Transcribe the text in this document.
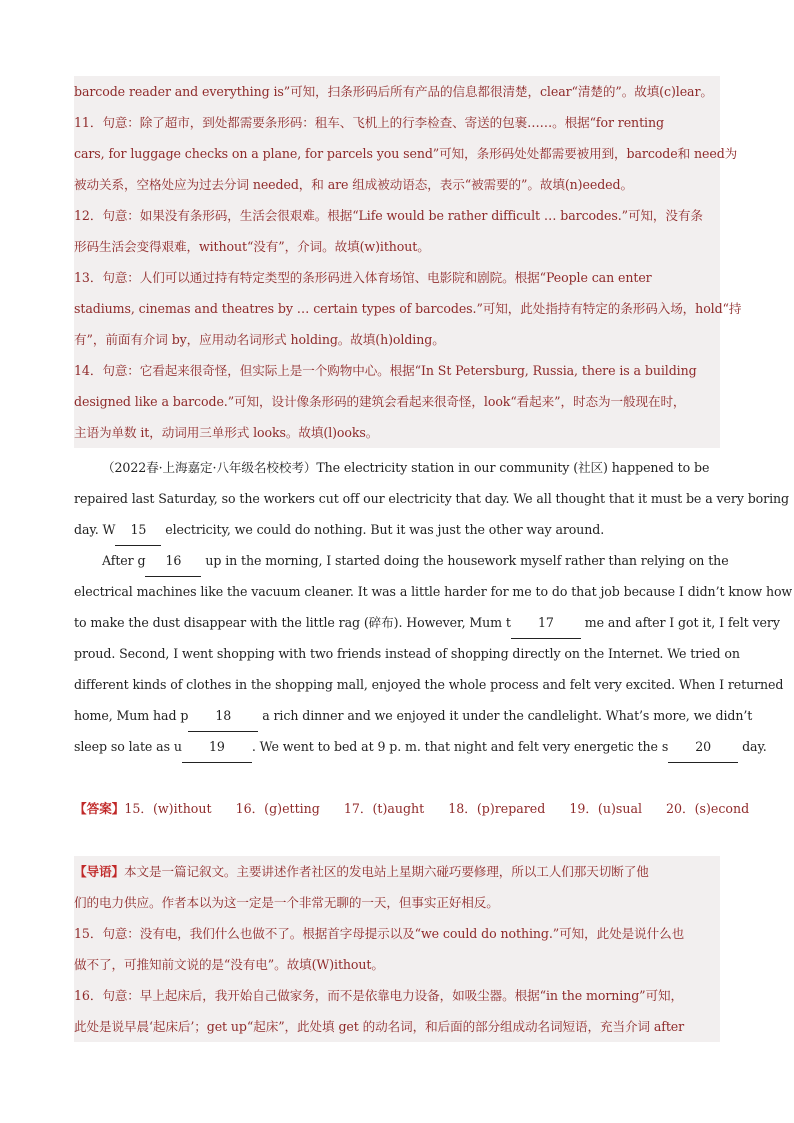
barcode reader and everything is”可知，扫条形码后所有产品的信息都很清楚，clear“清楚的”。故填(c)lear。
11．句意：除了超市，到处都需要条形码：租车、飞机上的行李检查、寄送的包裹……。根据“for renting
cars, for luggage checks on a plane, for parcels you send”可知，条形码处处都需要被用到，barcode和 need为
被动关系，空格处应为过去分词 needed，和 are 组成被动语态，表示“被需要的”。故填(n)eeded。
12．句意：如果没有条形码，生活会很艰难。根据“Life would be rather difficult … barcodes.”可知，没有条
形码生活会变得艰难，without“没有”，介词。故填(w)ithout。
13．句意：人们可以通过持有特定类型的条形码进入体育场馆、电影院和剧院。根据“People can enter
stadiums, cinemas and theatres by … certain types of barcodes.”可知，此处指持有特定的条形码入场，hold“持
有”，前面有介词 by，应用动名词形式 holding。故填(h)olding。
14．句意：它看起来很奇怪，但实际上是一个购物中心。根据“In St Petersburg, Russia, there is a building
designed like a barcode.”可知，设计像条形码的建筑会看起来很奇怪，look“看起来”，时态为一般现在时，
主语为单数 it，动词用三单形式 looks。故填(l)ooks。
（2022春·上海嘉定·八年级名校校考）The electricity station in our community (社区) happened to be
repaired last Saturday, so the workers cut off our electricity that day. We all thought that it must be a very boring
day. W 15 electricity, we could do nothing. But it was just the other way around.
After g 16 up in the morning, I started doing the housework myself rather than relying on the
electrical machines like the vacuum cleaner. It was a little harder for me to do that job because I didn’t know how
to make the dust disappear with the little rag (碎布). However, Mum t 17 me and after I got it, I felt very
proud. Second, I went shopping with two friends instead of shopping directly on the Internet. We tried on
different kinds of clothes in the shopping mall, enjoyed the whole process and felt very excited. When I returned
home, Mum had p 18 a rich dinner and we enjoyed it under the candlelight. What’s more, we didn’t
sleep so late as u 19 . We went to bed at 9 p. m. that night and felt very energetic the s 20 day.
【答案】15．(w)ithout 16．(g)etting 17．(t)aught 18．(p)repared 19．(u)sual 20．(s)econd
【导语】本文是一篇记叙文。主要讲述作者社区的发电站上星期六碰巧要修理，所以工人们那天切断了他
们的电力供应。作者本以为这一定是一个非常无聊的一天，但事实正好相反。
15．句意：没有电，我们什么也做不了。根据首字母提示以及“we could do nothing.”可知，此处是说什么也
做不了，可推知前文说的是“没有电”。故填(W)ithout。
16．句意：早上起床后，我开始自己做家务，而不是依靠电力设备，如吸尘器。根据“in the morning”可知，
此处是说早晨‘起床后’；get up“起床”，此处填 get 的动名词，和后面的部分组成动名词短语，充当介词 after
